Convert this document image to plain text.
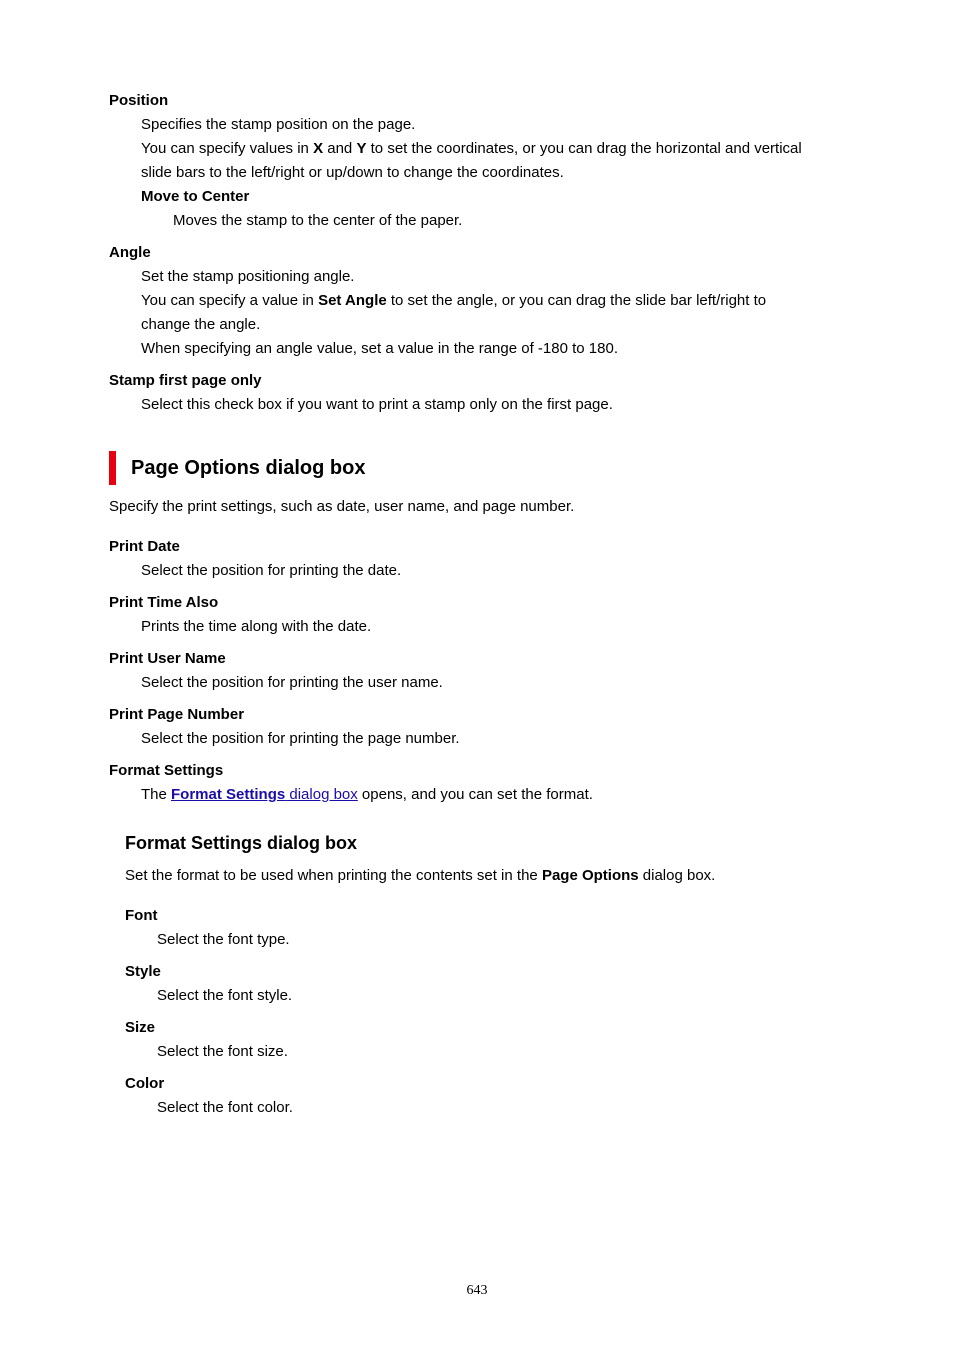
Position
Specifies the stamp position on the page.
You can specify values in X and Y to set the coordinates, or you can drag the horizontal and vertical
slide bars to the left/right or up/down to change the coordinates.
Move to Center
Moves the stamp to the center of the paper.
Angle
Set the stamp positioning angle.
You can specify a value in Set Angle to set the angle, or you can drag the slide bar left/right to
change the angle.
When specifying an angle value, set a value in the range of -180 to 180.
Stamp first page only
Select this check box if you want to print a stamp only on the first page.
Page Options dialog box
Specify the print settings, such as date, user name, and page number.
Print Date
Select the position for printing the date.
Print Time Also
Prints the time along with the date.
Print User Name
Select the position for printing the user name.
Print Page Number
Select the position for printing the page number.
Format Settings
The Format Settings dialog box opens, and you can set the format.
Format Settings dialog box
Set the format to be used when printing the contents set in the Page Options dialog box.
Font
Select the font type.
Style
Select the font style.
Size
Select the font size.
Color
Select the font color.
643
